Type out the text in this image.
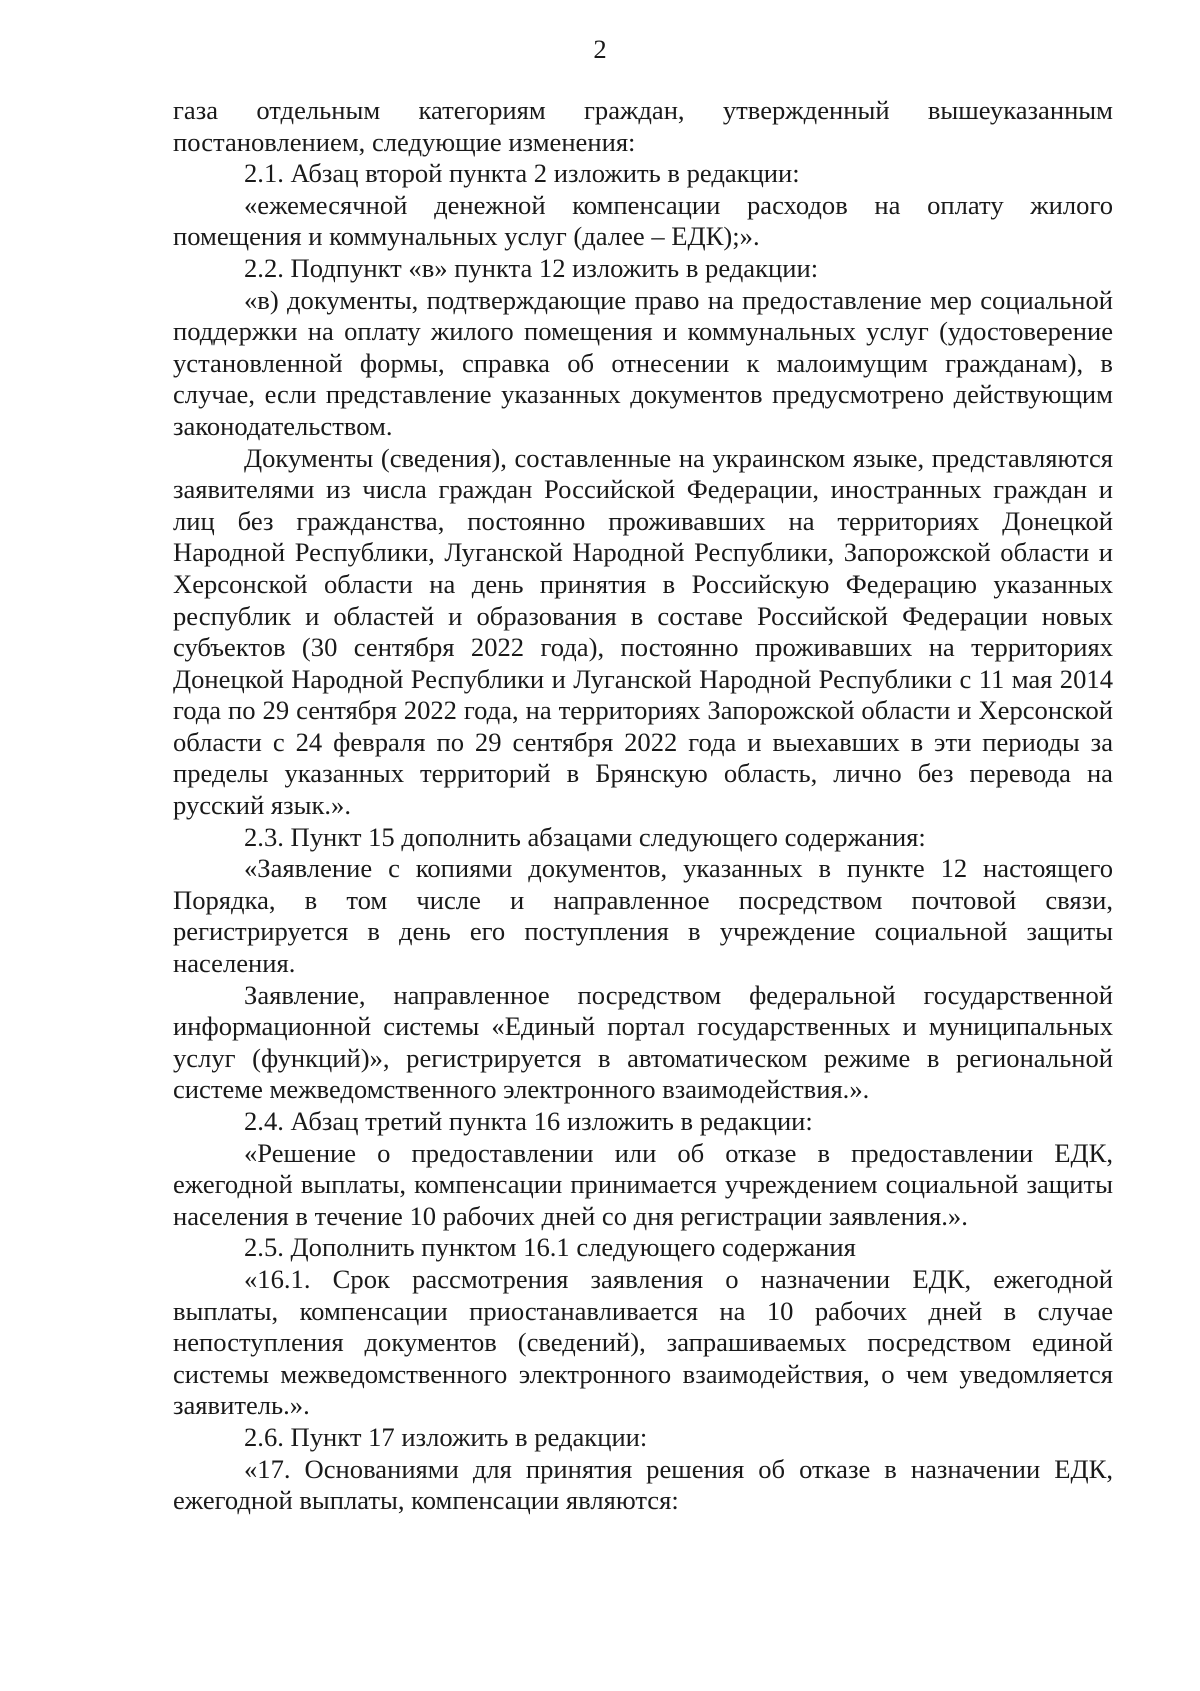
2

газа отдельным категориям граждан, утвержденный вышеуказанным постановлением, следующие изменения:

2.1. Абзац второй пункта 2 изложить в редакции:

«ежемесячной денежной компенсации расходов на оплату жилого помещения и коммунальных услуг (далее – ЕДК);».

2.2. Подпункт «в» пункта 12 изложить в редакции:

«в) документы, подтверждающие право на предоставление мер социальной поддержки на оплату жилого помещения и коммунальных услуг (удостоверение установленной формы, справка об отнесении к малоимущим гражданам), в случае, если представление указанных документов предусмотрено действующим законодательством.

Документы (сведения), составленные на украинском языке, представляются заявителями из числа граждан Российской Федерации, иностранных граждан и лиц без гражданства, постоянно проживавших на территориях Донецкой Народной Республики, Луганской Народной Республики, Запорожской области и Херсонской области на день принятия в Российскую Федерацию указанных республик и областей и образования в составе Российской Федерации новых субъектов (30 сентября 2022 года), постоянно проживавших на территориях Донецкой Народной Республики и Луганской Народной Республики с 11 мая 2014 года по 29 сентября 2022 года, на территориях Запорожской области и Херсонской области с 24 февраля по 29 сентября 2022 года и выехавших в эти периоды за пределы указанных территорий в Брянскую область, лично без перевода на русский язык.».

2.3. Пункт 15 дополнить абзацами следующего содержания:

«Заявление с копиями документов, указанных в пункте 12 настоящего Порядка, в том числе и направленное посредством почтовой связи, регистрируется в день его поступления в учреждение социальной защиты населения.

Заявление, направленное посредством федеральной государственной информационной системы «Единый портал государственных и муниципальных услуг (функций)», регистрируется в автоматическом режиме в региональной системе межведомственного электронного взаимодействия.».

2.4. Абзац третий пункта 16 изложить в редакции:

«Решение о предоставлении или об отказе в предоставлении ЕДК, ежегодной выплаты, компенсации принимается учреждением социальной защиты населения в течение 10 рабочих дней со дня регистрации заявления.».

2.5. Дополнить пунктом 16.1 следующего содержания

«16.1. Срок рассмотрения заявления о назначении ЕДК, ежегодной выплаты, компенсации приостанавливается на 10 рабочих дней в случае непоступления документов (сведений), запрашиваемых посредством единой системы межведомственного электронного взаимодействия, о чем уведомляется заявитель.».

2.6. Пункт 17 изложить в редакции:

«17. Основаниями для принятия решения об отказе в назначении ЕДК, ежегодной выплаты, компенсации являются:
